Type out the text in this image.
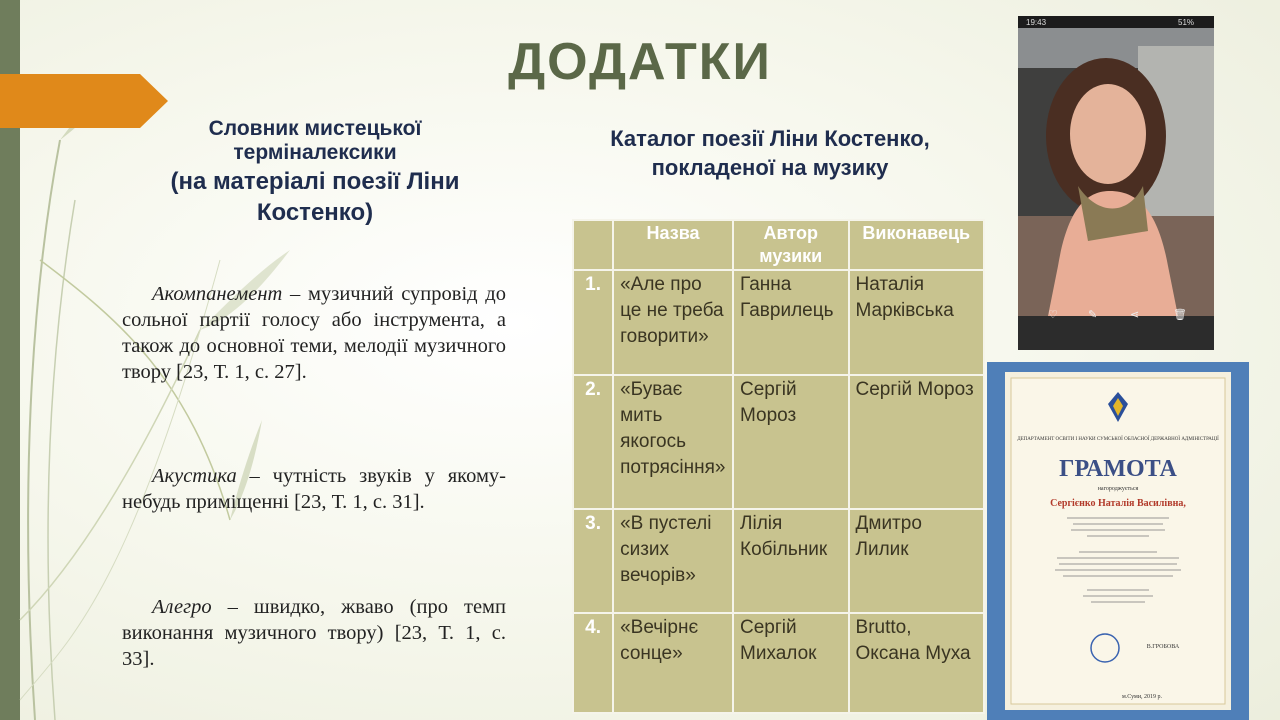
ДОДАТКИ
Словник мистецької
терміналексики
(на матеріалі поезії Ліни
Костенко)
Акомпанемент – музичний супровід до сольної партії голосу або інструмента, а також до основної теми, мелодії музичного твору [23, Т. 1, с. 27].
Акустика – чутність звуків у якому-небудь приміщенні [23, Т. 1, с. 31].
Алегро – швидко, жваво (про темп виконання музичного твору) [23, Т. 1, с. 33].
Каталог поезії Ліни Костенко,
покладеної на музику
	Назва	Автор музики	Виконавець
1.	«Але про це не треба говорити»	Ганна Гаврилець	Наталія Марківська
2.	«Буває мить якогось потрясіння»	Сергій Мороз	Сергій Мороз
3.	«В пустелі сизих вечорів»	Лілія Кобільник	Дмитро Лилик
4.	«Вечірнє сонце»	Сергій Михалок	Brutto, Оксана Муха
19:43	51%
♡	✎	⋖	🗑
ДЕПАРТАМЕНТ ОСВІТИ І НАУКИ СУМСЬКОЇ ОБЛАСНОЇ ДЕРЖАВНОЇ АДМІНІСТРАЦІЇ
ГРАМОТА
нагороджується
Сергієнко Наталія Василівна,
В.ГРОБОВА
м.Суми, 2019 р.
